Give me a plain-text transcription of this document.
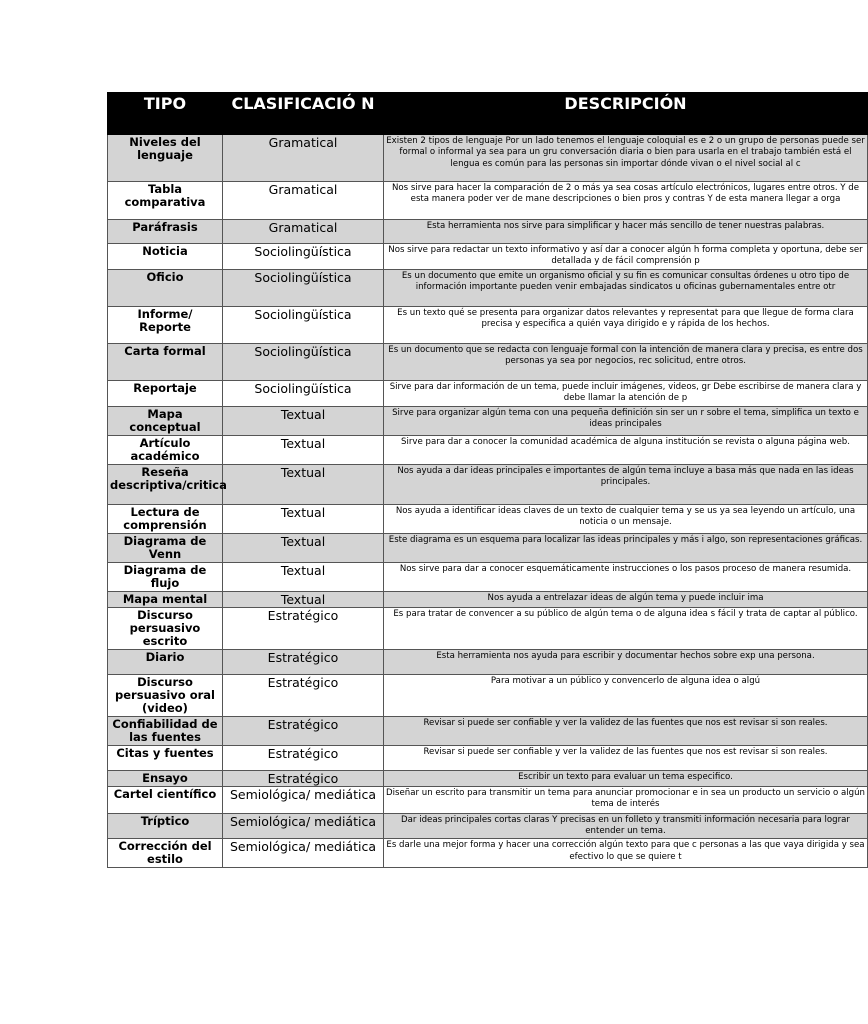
TIPO	CLASIFICACIÓ N	DESCRIPCIÓN
Niveles del lenguaje	Gramatical	Existen 2 tipos de lenguaje Por un lado tenemos el lenguaje coloquial es e 2 o un grupo de personas puede ser formal o informal ya sea para un gru conversación diaria o bien para usarla en el trabajo también está el lengua es común para las personas sin importar dónde vivan o el nivel social al c
Tabla comparativa	Gramatical	Nos sirve para hacer la comparación de 2 o más ya sea cosas artículo electrónicos, lugares entre otros. Y de esta manera poder ver de mane descripciones o bien pros y contras Y de esta manera llegar a orga
Paráfrasis	Gramatical	Esta herramienta nos sirve para simplificar y hacer más sencillo de tener nuestras palabras.
Noticia	Sociolingüística	Nos sirve para redactar un texto informativo y así dar a conocer algún h forma completa y oportuna, debe ser detallada y de fácil comprensión p
Oficio	Sociolingüística	Es un documento que emite un organismo oficial y su fin es comunicar consultas órdenes u otro tipo de información importante pueden venir embajadas sindicatos u oficinas gubernamentales entre otr
Informe/ Reporte	Sociolingüística	Es un texto qué se presenta para organizar datos relevantes y representat para que llegue de forma clara precisa y especifica a quién vaya dirigido e y rápida de los hechos.
Carta formal	Sociolingüística	Es un documento que se redacta con lenguaje formal con la intención de manera clara y precisa, es entre dos personas ya sea por negocios, rec solicitud, entre otros.
Reportaje	Sociolingüística	Sirve para dar información de un tema, puede incluir imágenes, videos, gr Debe escribirse de manera clara y debe llamar la atención de p
Mapa conceptual	Textual	Sirve para organizar algún tema con una pequeña definición sin ser un r sobre el tema, simplifica un texto e ideas principales
Artículo académico	Textual	Sirve para dar a conocer la comunidad académica de alguna institución se revista o alguna página web.
Reseña descriptiva/critica	Textual	Nos ayuda a dar ideas principales e importantes de algún tema incluye a basa más que nada en las ideas principales.
Lectura de comprensión	Textual	Nos ayuda a identificar ideas claves de un texto de cualquier tema y se us ya sea leyendo un artículo, una noticia o un mensaje.
Diagrama de Venn	Textual	Este diagrama es un esquema para localizar las ideas principales y más i algo, son representaciones gráficas.
Diagrama de flujo	Textual	Nos sirve para dar a conocer esquemáticamente instrucciones o los pasos proceso de manera resumida.
Mapa mental	Textual	Nos ayuda a entrelazar ideas de algún tema y puede incluir ima
Discurso persuasivo escrito	Estratégico	Es para tratar de convencer a su público de algún tema o de alguna idea s fácil y trata de captar al público.
Diario	Estratégico	Esta herramienta nos ayuda para escribir y documentar hechos sobre exp una persona.
Discurso persuasivo oral (video)	Estratégico	Para motivar a un público y convencerlo de alguna idea o algú
Confiabilidad de las fuentes	Estratégico	Revisar si puede ser confiable y ver la validez de las fuentes que nos est revisar si son reales.
Citas y fuentes	Estratégico	Revisar si puede ser confiable y ver la validez de las fuentes que nos est revisar si son reales.
Ensayo	Estratégico	Escribir un texto para evaluar un tema especifico.
Cartel científico	Semiológica/ mediática	Diseñar un escrito para transmitir un tema para anunciar promocionar e in sea un producto un servicio o algún tema de interés
Tríptico	Semiológica/ mediática	Dar ideas principales cortas claras Y precisas en un folleto y transmiti información necesaria para lograr entender un tema.
Corrección del estilo	Semiológica/ mediática	Es darle una mejor forma y hacer una corrección algún texto para que c personas a las que vaya dirigida y sea efectivo lo que se quiere t
